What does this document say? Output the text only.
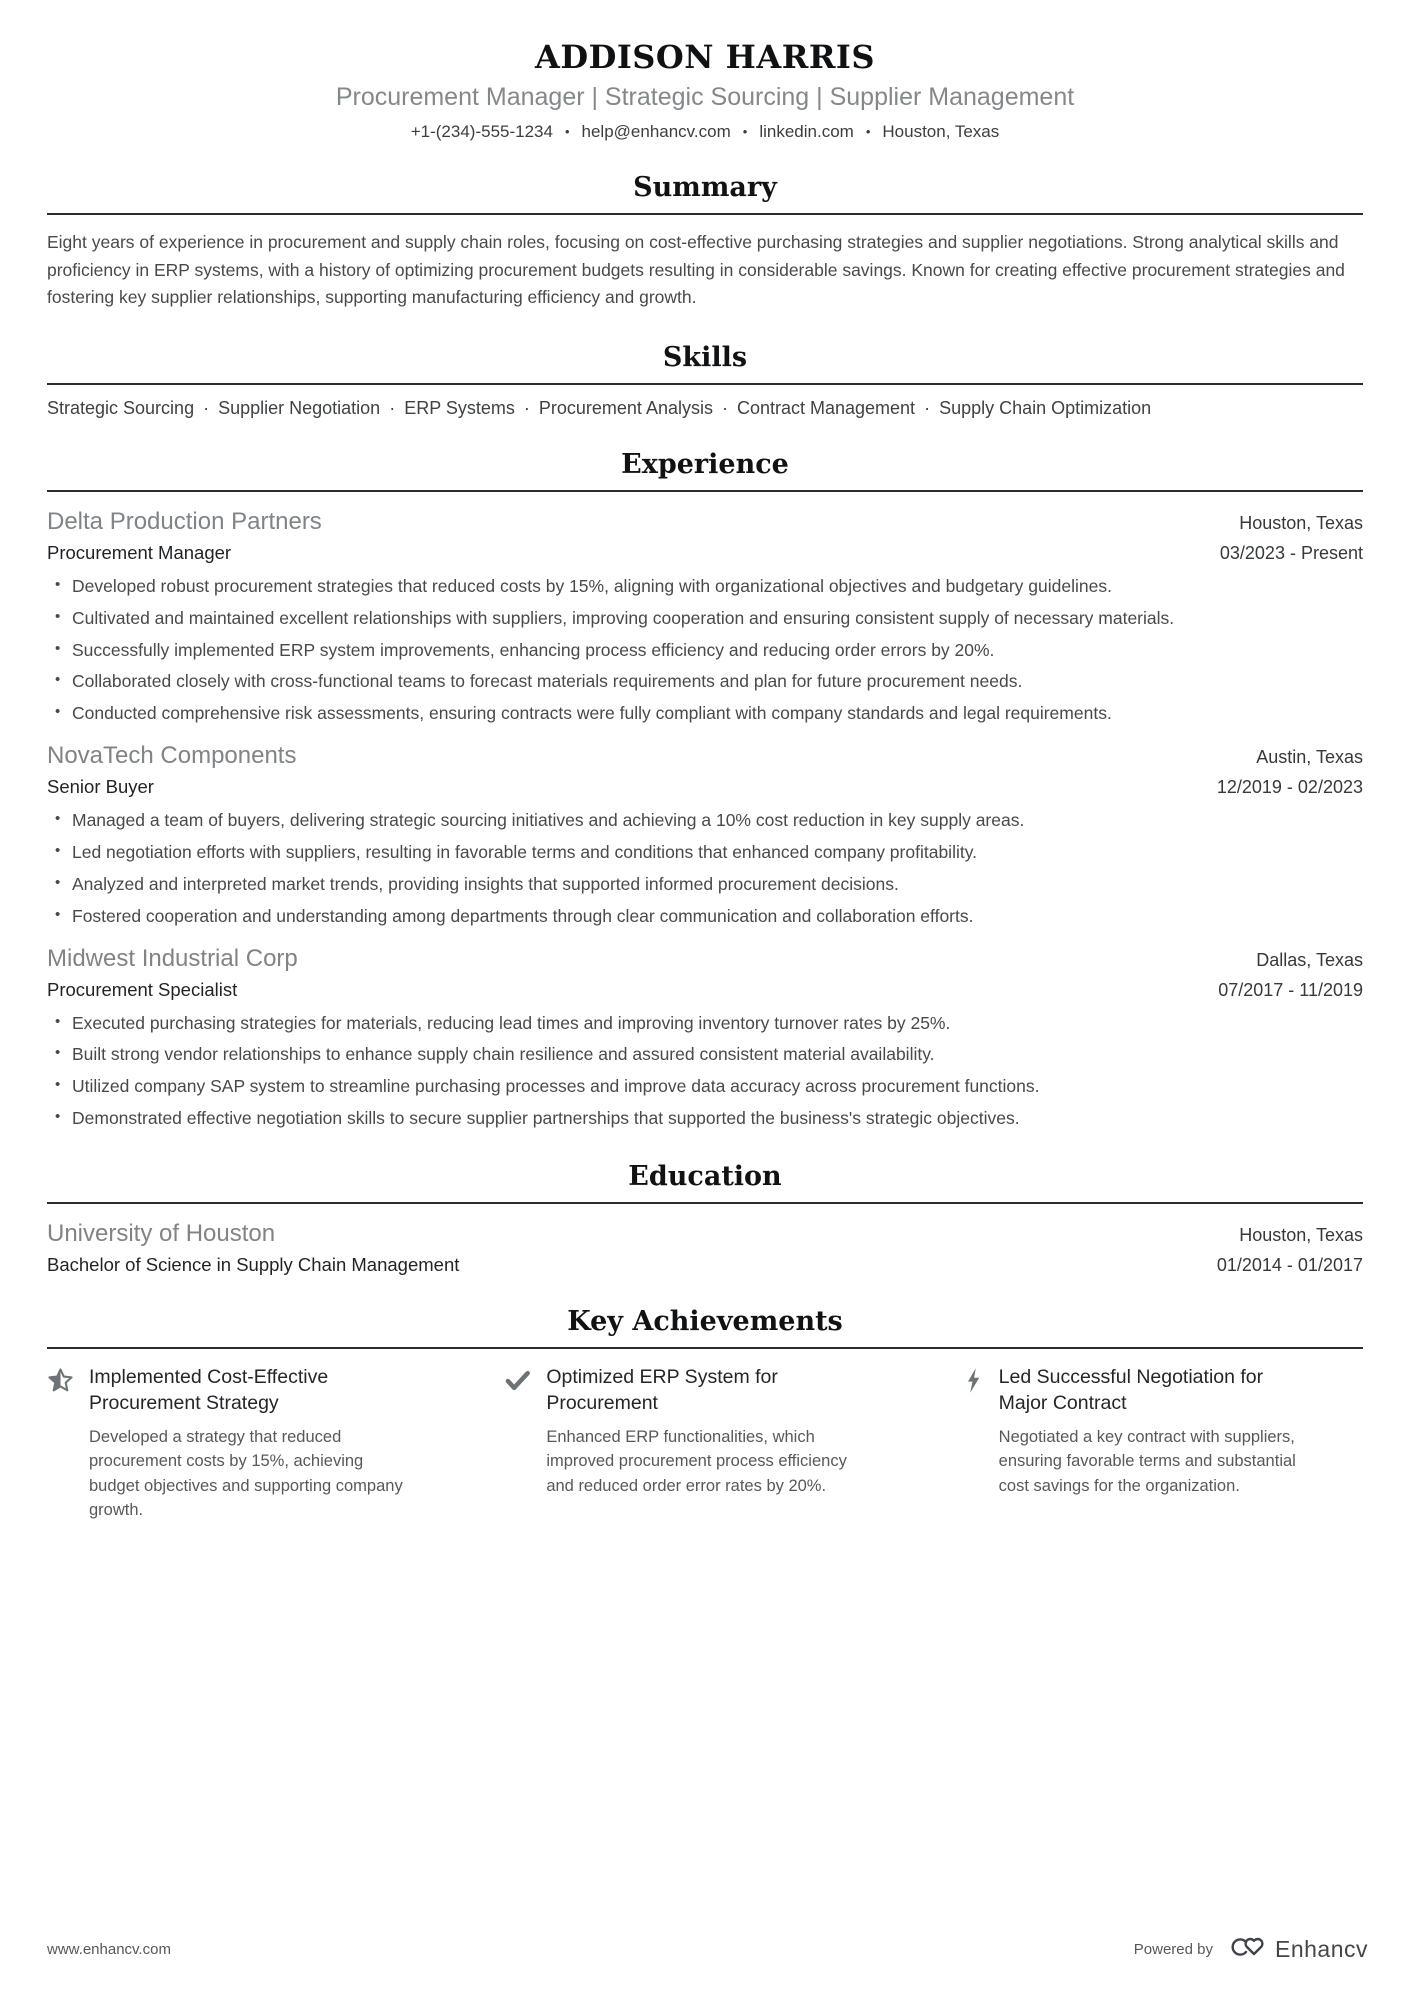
ADDISON HARRIS
Procurement Manager | Strategic Sourcing | Supplier Management
+1-(234)-555-1234 • help@enhancv.com • linkedin.com • Houston, Texas
Summary

Eight years of experience in procurement and supply chain roles, focusing on cost-effective purchasing strategies and supplier negotiations. Strong analytical skills and proficiency in ERP systems, with a history of optimizing procurement budgets resulting in considerable savings. Known for creating effective procurement strategies and fostering key supplier relationships, supporting manufacturing efficiency and growth.

Skills
Strategic Sourcing · Supplier Negotiation · ERP Systems · Procurement Analysis · Contract Management · Supply Chain Optimization
Experience
Delta Production Partners	Houston, Texas
Procurement Manager	03/2023 - Present
• Developed robust procurement strategies that reduced costs by 15%, aligning with organizational objectives and budgetary guidelines.
• Cultivated and maintained excellent relationships with suppliers, improving cooperation and ensuring consistent supply of necessary materials.
• Successfully implemented ERP system improvements, enhancing process efficiency and reducing order errors by 20%.
• Collaborated closely with cross-functional teams to forecast materials requirements and plan for future procurement needs.
• Conducted comprehensive risk assessments, ensuring contracts were fully compliant with company standards and legal requirements.
NovaTech Components	Austin, Texas
Senior Buyer	12/2019 - 02/2023
• Managed a team of buyers, delivering strategic sourcing initiatives and achieving a 10% cost reduction in key supply areas.
• Led negotiation efforts with suppliers, resulting in favorable terms and conditions that enhanced company profitability.
• Analyzed and interpreted market trends, providing insights that supported informed procurement decisions.
• Fostered cooperation and understanding among departments through clear communication and collaboration efforts.
Midwest Industrial Corp	Dallas, Texas
Procurement Specialist	07/2017 - 11/2019
• Executed purchasing strategies for materials, reducing lead times and improving inventory turnover rates by 25%.
• Built strong vendor relationships to enhance supply chain resilience and assured consistent material availability.
• Utilized company SAP system to streamline purchasing processes and improve data accuracy across procurement functions.
• Demonstrated effective negotiation skills to secure supplier partnerships that supported the business's strategic objectives.
Education
University of Houston	Houston, Texas
Bachelor of Science in Supply Chain Management	01/2014 - 01/2017
Key Achievements
Implemented Cost-Effective Procurement Strategy
Developed a strategy that reduced procurement costs by 15%, achieving budget objectives and supporting company growth.
Optimized ERP System for Procurement
Enhanced ERP functionalities, which improved procurement process efficiency and reduced order error rates by 20%.
Led Successful Negotiation for Major Contract
Negotiated a key contract with suppliers, ensuring favorable terms and substantial cost savings for the organization.
www.enhancv.com	Powered by	Enhancv
